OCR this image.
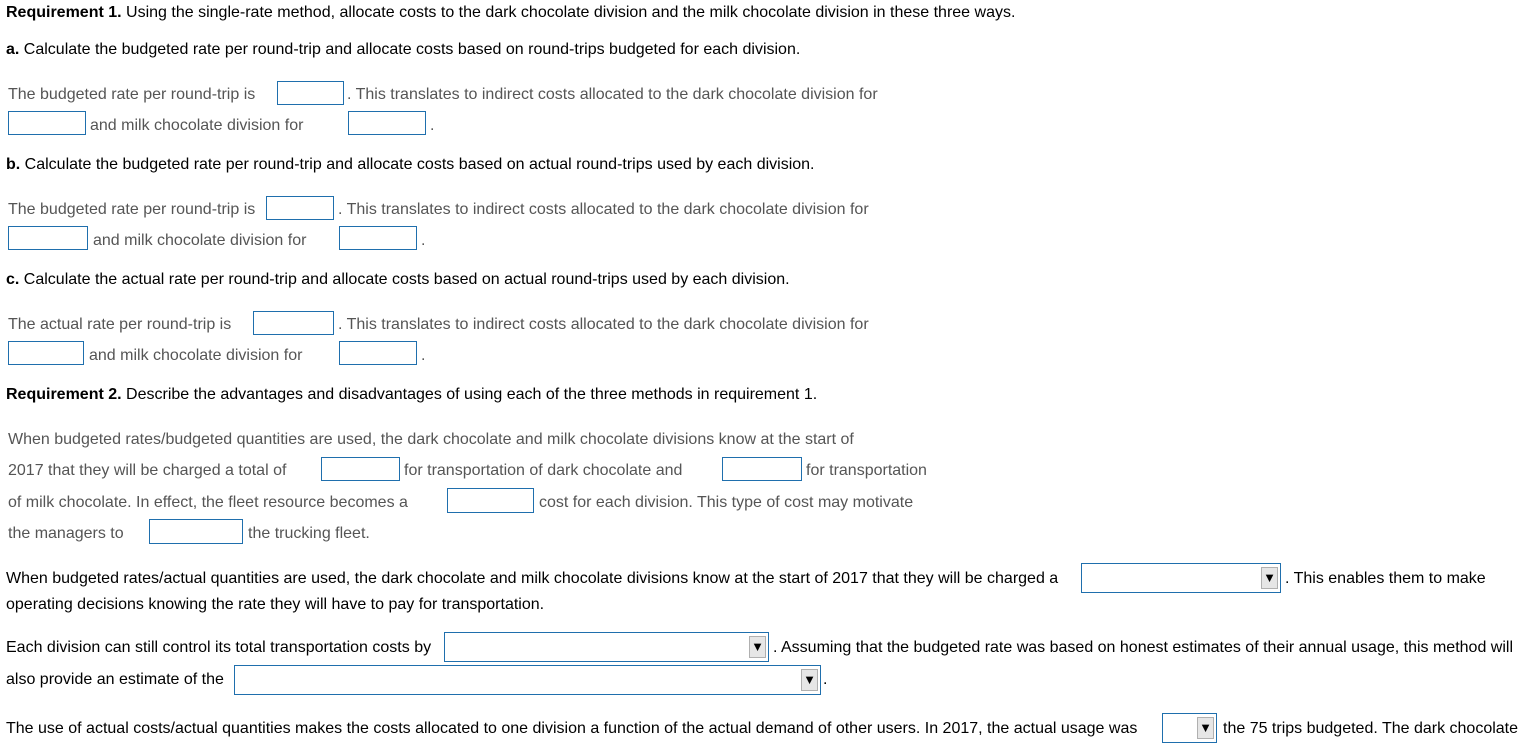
Requirement 1. Using the single-rate method, allocate costs to the dark chocolate division and the milk chocolate division in these three ways.
a. Calculate the budgeted rate per round-trip and allocate costs based on round-trips budgeted for each division.
The budgeted rate per round-trip is	. This translates to indirect costs allocated to the dark chocolate division for
and milk chocolate division for	.
b. Calculate the budgeted rate per round-trip and allocate costs based on actual round-trips used by each division.
The budgeted rate per round-trip is	. This translates to indirect costs allocated to the dark chocolate division for
and milk chocolate division for	.
c. Calculate the actual rate per round-trip and allocate costs based on actual round-trips used by each division.
The actual rate per round-trip is	. This translates to indirect costs allocated to the dark chocolate division for
and milk chocolate division for	.
Requirement 2. Describe the advantages and disadvantages of using each of the three methods in requirement 1.
When budgeted rates/budgeted quantities are used, the dark chocolate and milk chocolate divisions know at the start of
2017 that they will be charged a total of	for transportation of dark chocolate and	for transportation
of milk chocolate. In effect, the fleet resource becomes a	cost for each division. This type of cost may motivate
the managers to	the trucking fleet.
When budgeted rates/actual quantities are used, the dark chocolate and milk chocolate divisions know at the start of 2017 that they will be charged a	▼ . This enables them to make
operating decisions knowing the rate they will have to pay for transportation.
Each division can still control its total transportation costs by	▼ . Assuming that the budgeted rate was based on honest estimates of their annual usage, this method will
also provide an estimate of the	▼ .
The use of actual costs/actual quantities makes the costs allocated to one division a function of the actual demand of other users. In 2017, the actual usage was	▼ the 75 trips budgeted. The dark chocolate
